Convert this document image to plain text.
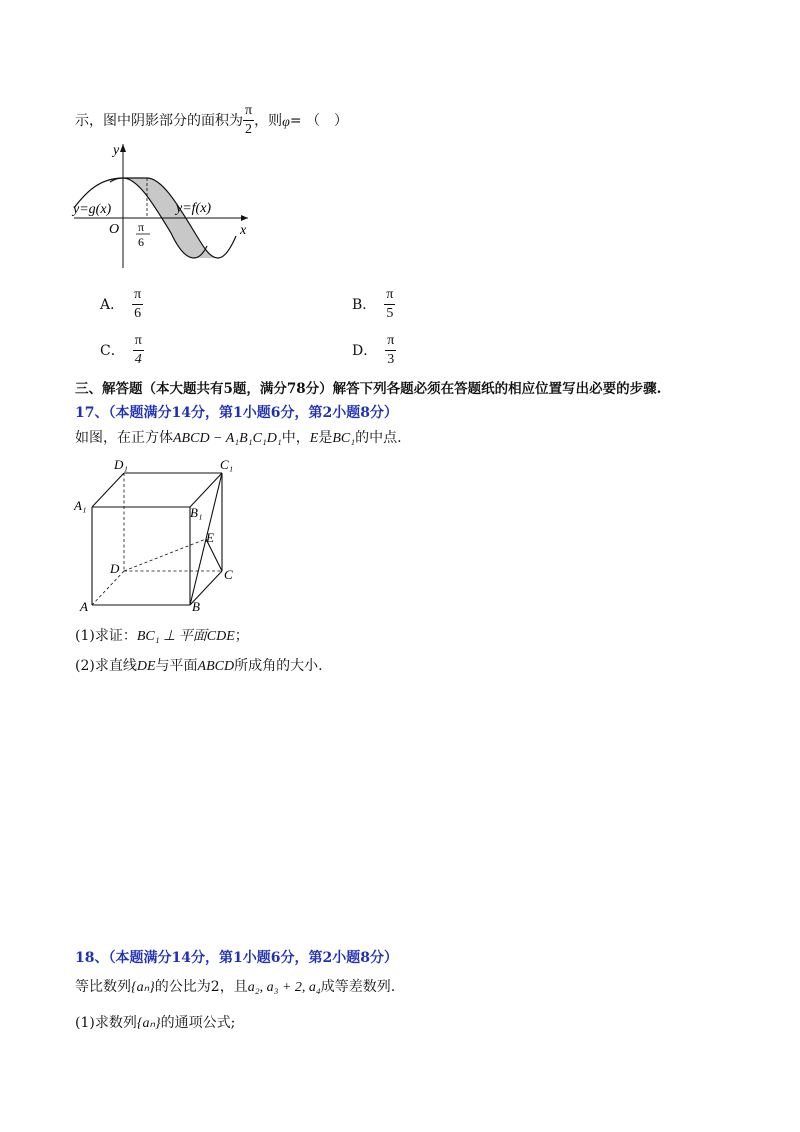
示，图中阴影部分的面积为 $\frac{\pi}{2}$ ，则 φ = （　）
y
x
O
y=g(x)	y=f(x)
π
6
A． $\frac{\pi}{6}$	B． $\frac{\pi}{5}$
C． $\frac{\pi}{4}$	D． $\frac{\pi}{3}$
三、解答题（本大题共有5题，满分78分）解答下列各题必须在答题纸的相应位置写出必要的步骤.
17、（本题满分14分，第1小题6分，第2小题8分）
如图，在正方体ABCD − A₁B₁C₁D₁中，E是BC₁的中点.
D₁	C₁
A₁	B₁
E
D	C
A	B
(1)求证：BC₁ ⊥ 平面CDE；
(2)求直线DE与平面ABCD所成角的大小.
18、（本题满分14分，第1小题6分，第2小题8分）
等比数列{aₙ}的公比为2，且a₂, a₃ + 2, a₄成等差数列.
(1)求数列{aₙ}的通项公式;
